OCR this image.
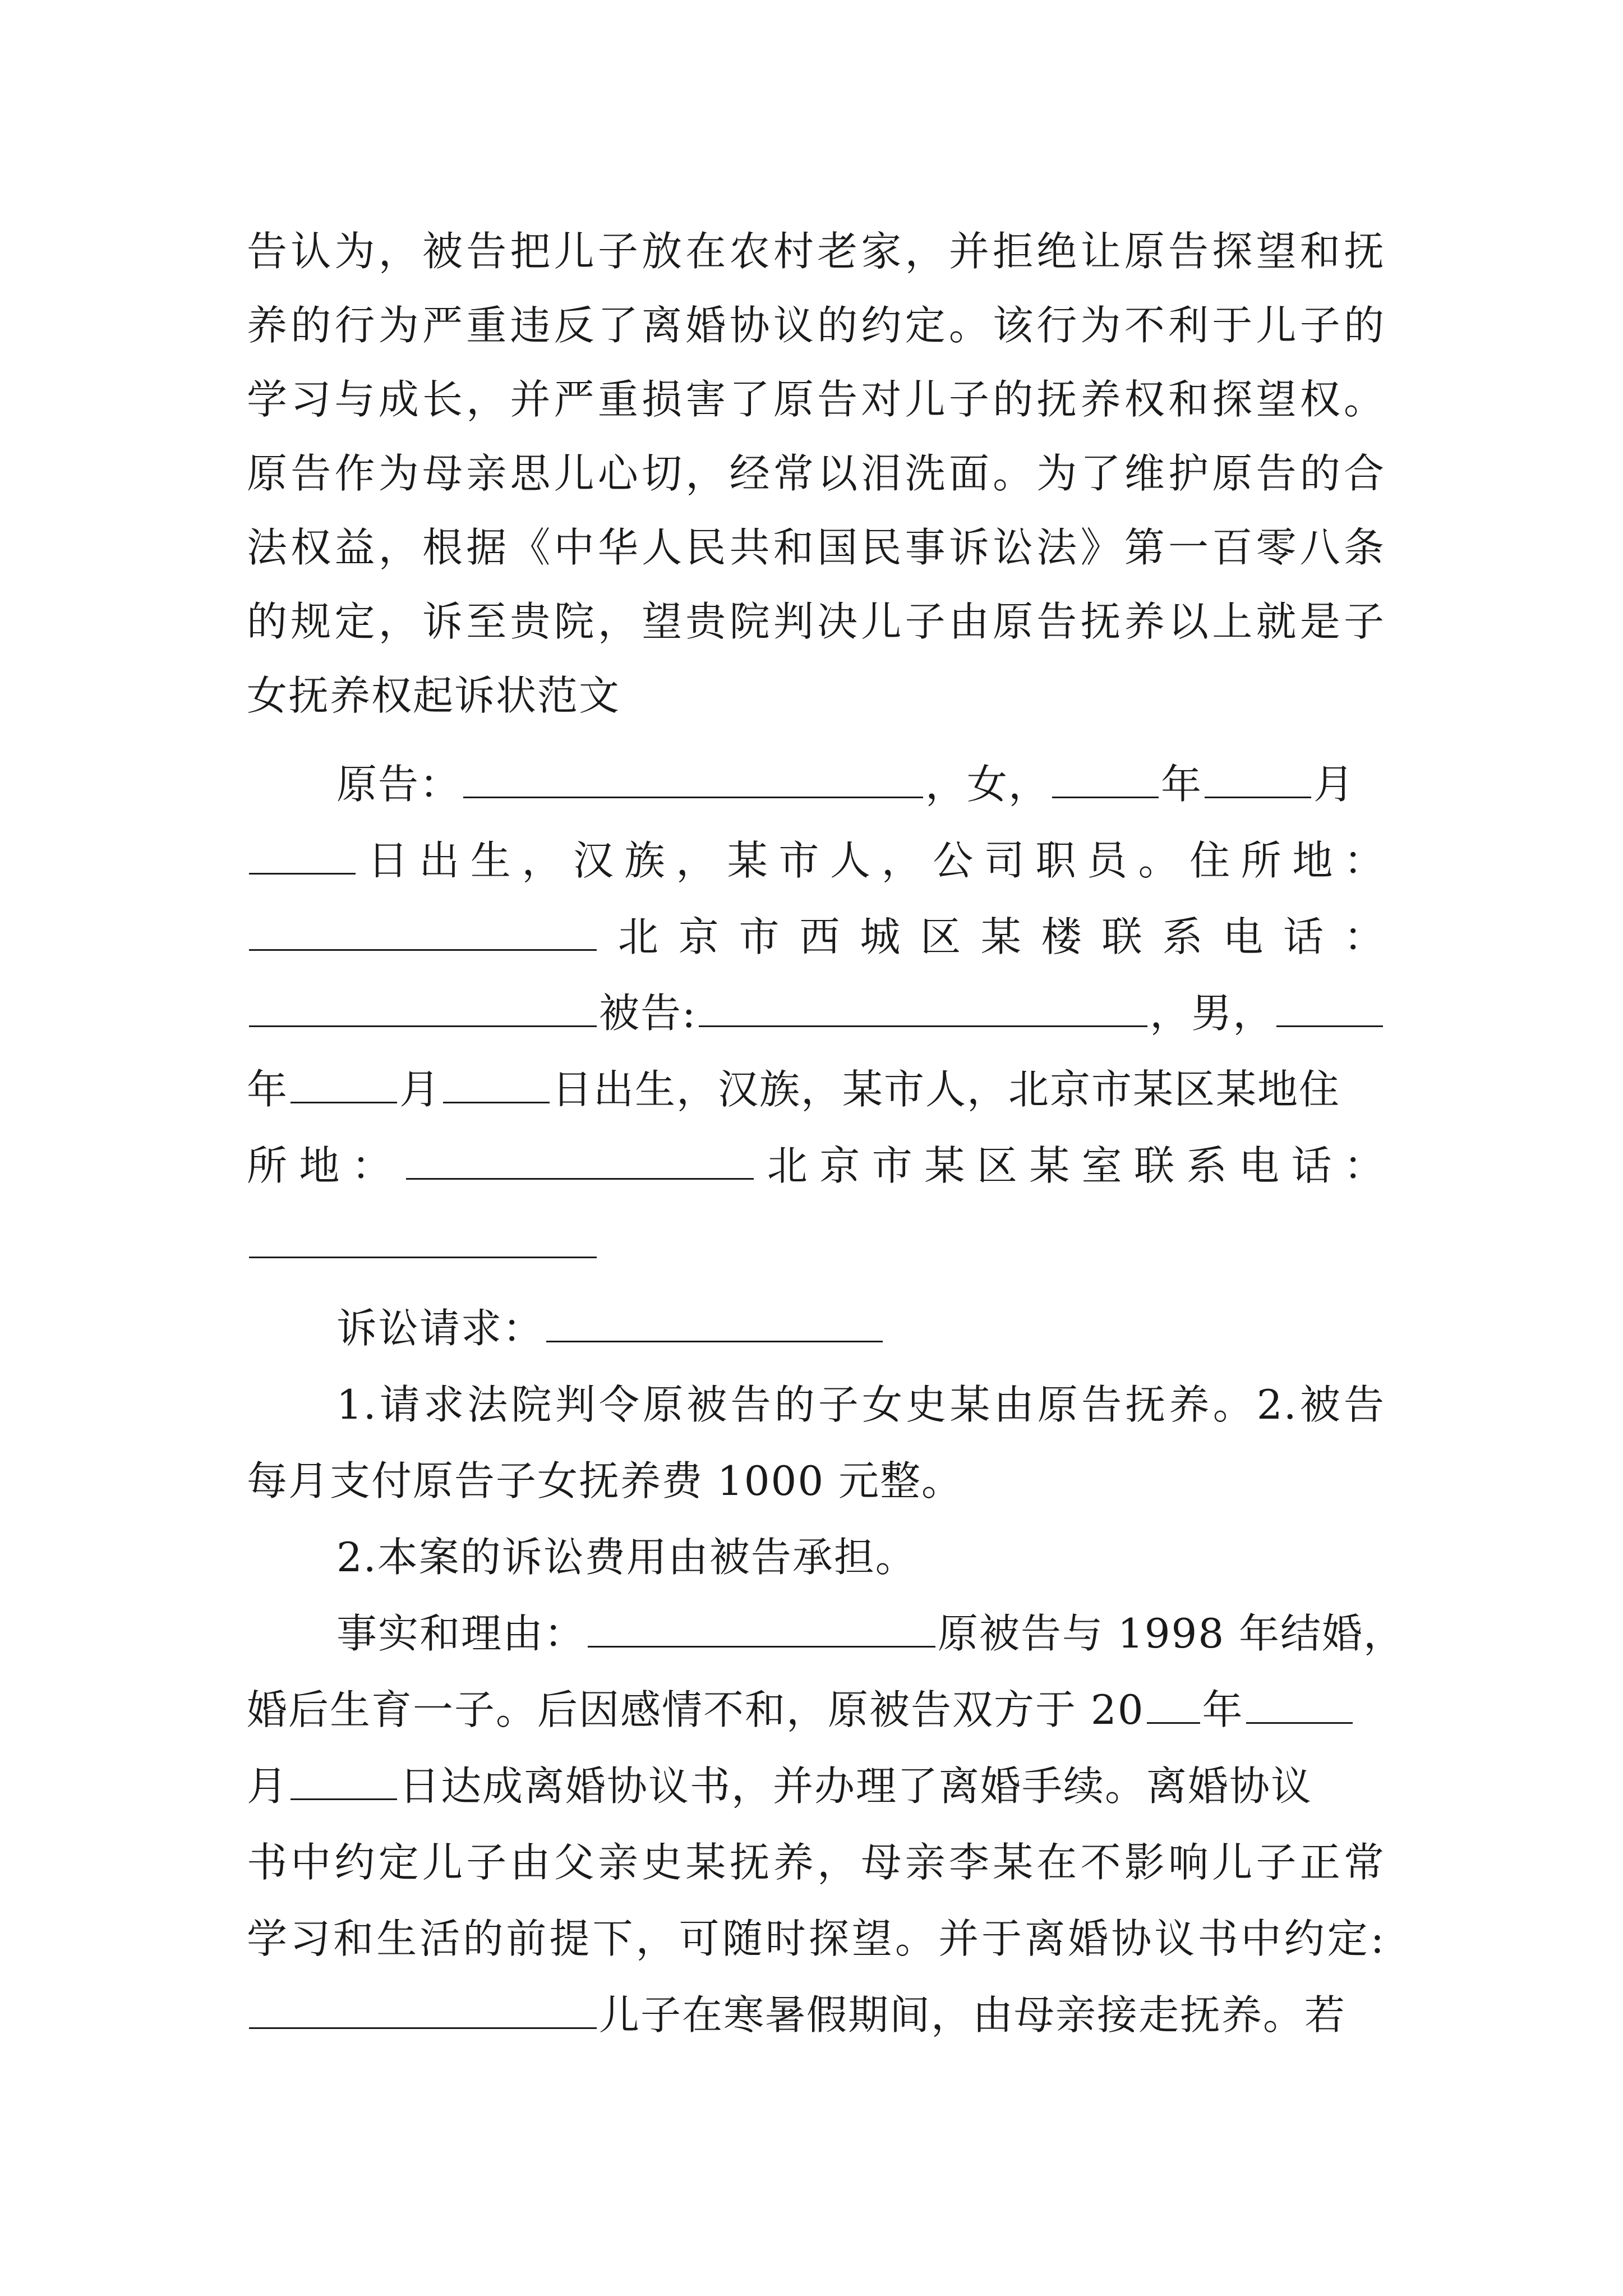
告认为，被告把儿子放在农村老家，并拒绝让原告探望和抚
养的行为严重违反了离婚协议的约定。该行为不利于儿子的
学习与成长，并严重损害了原告对儿子的抚养权和探望权。
原告作为母亲思儿心切，经常以泪洗面。为了维护原告的合
法权益，根据《中华人民共和国民事诉讼法》第一百零八条
的规定，诉至贵院，望贵院判决儿子由原告抚养以上就是子
女抚养权起诉状范文
原告：	，女，	年	月
日出生，汉族，某市人，公司职员。住所地：
北京市西城区某楼联系电话：
被告:	，男，
年	月	日出生，汉族，某市人，北京市某区某地住
所地：	北京市某区某室联系电话：
诉讼请求：
1.请求法院判令原被告的子女史某由原告抚养。2.被告
每月支付原告子女抚养费 1000 元整。
2.本案的诉讼费用由被告承担。
事实和理由：	原被告与 1998 年结婚，
婚后生育一子。后因感情不和，原被告双方于 20 年
月	日达成离婚协议书，并办理了离婚手续。离婚协议
书中约定儿子由父亲史某抚养，母亲李某在不影响儿子正常
学习和生活的前提下，可随时探望。并于离婚协议书中约定:
儿子在寒暑假期间，由母亲接走抚养。若
